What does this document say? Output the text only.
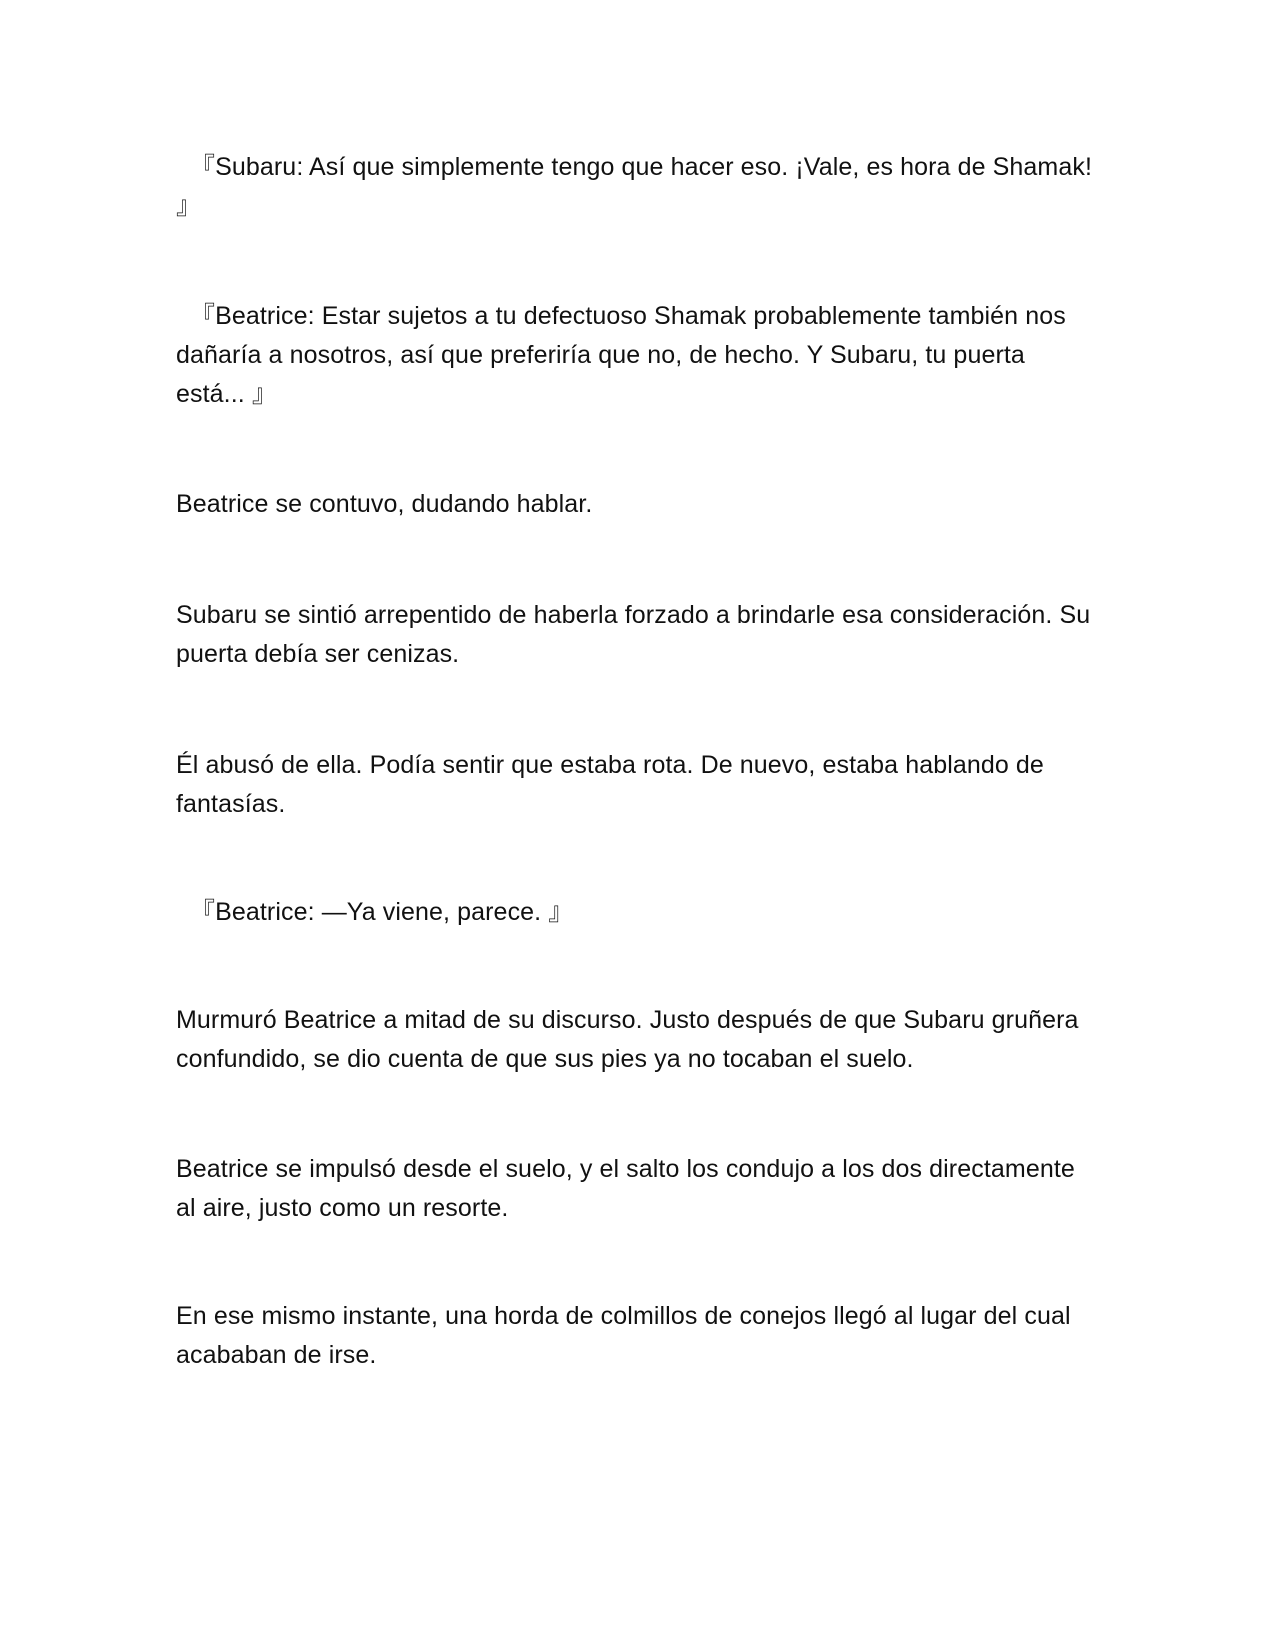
『Subaru: Así que simplemente tengo que hacer eso. ¡Vale, es hora de Shamak! 』

『Beatrice: Estar sujetos a tu defectuoso Shamak probablemente también nos dañaría a nosotros, así que preferiría que no, de hecho. Y Subaru, tu puerta está... 』

Beatrice se contuvo, dudando hablar.

Subaru se sintió arrepentido de haberla forzado a brindarle esa consideración. Su puerta debía ser cenizas.

Él abusó de ella. Podía sentir que estaba rota. De nuevo, estaba hablando de fantasías.

『Beatrice: —Ya viene, parece. 』

Murmuró Beatrice a mitad de su discurso. Justo después de que Subaru gruñera confundido, se dio cuenta de que sus pies ya no tocaban el suelo.

Beatrice se impulsó desde el suelo, y el salto los condujo a los dos directamente al aire, justo como un resorte.

En ese mismo instante, una horda de colmillos de conejos llegó al lugar del cual acababan de irse.
